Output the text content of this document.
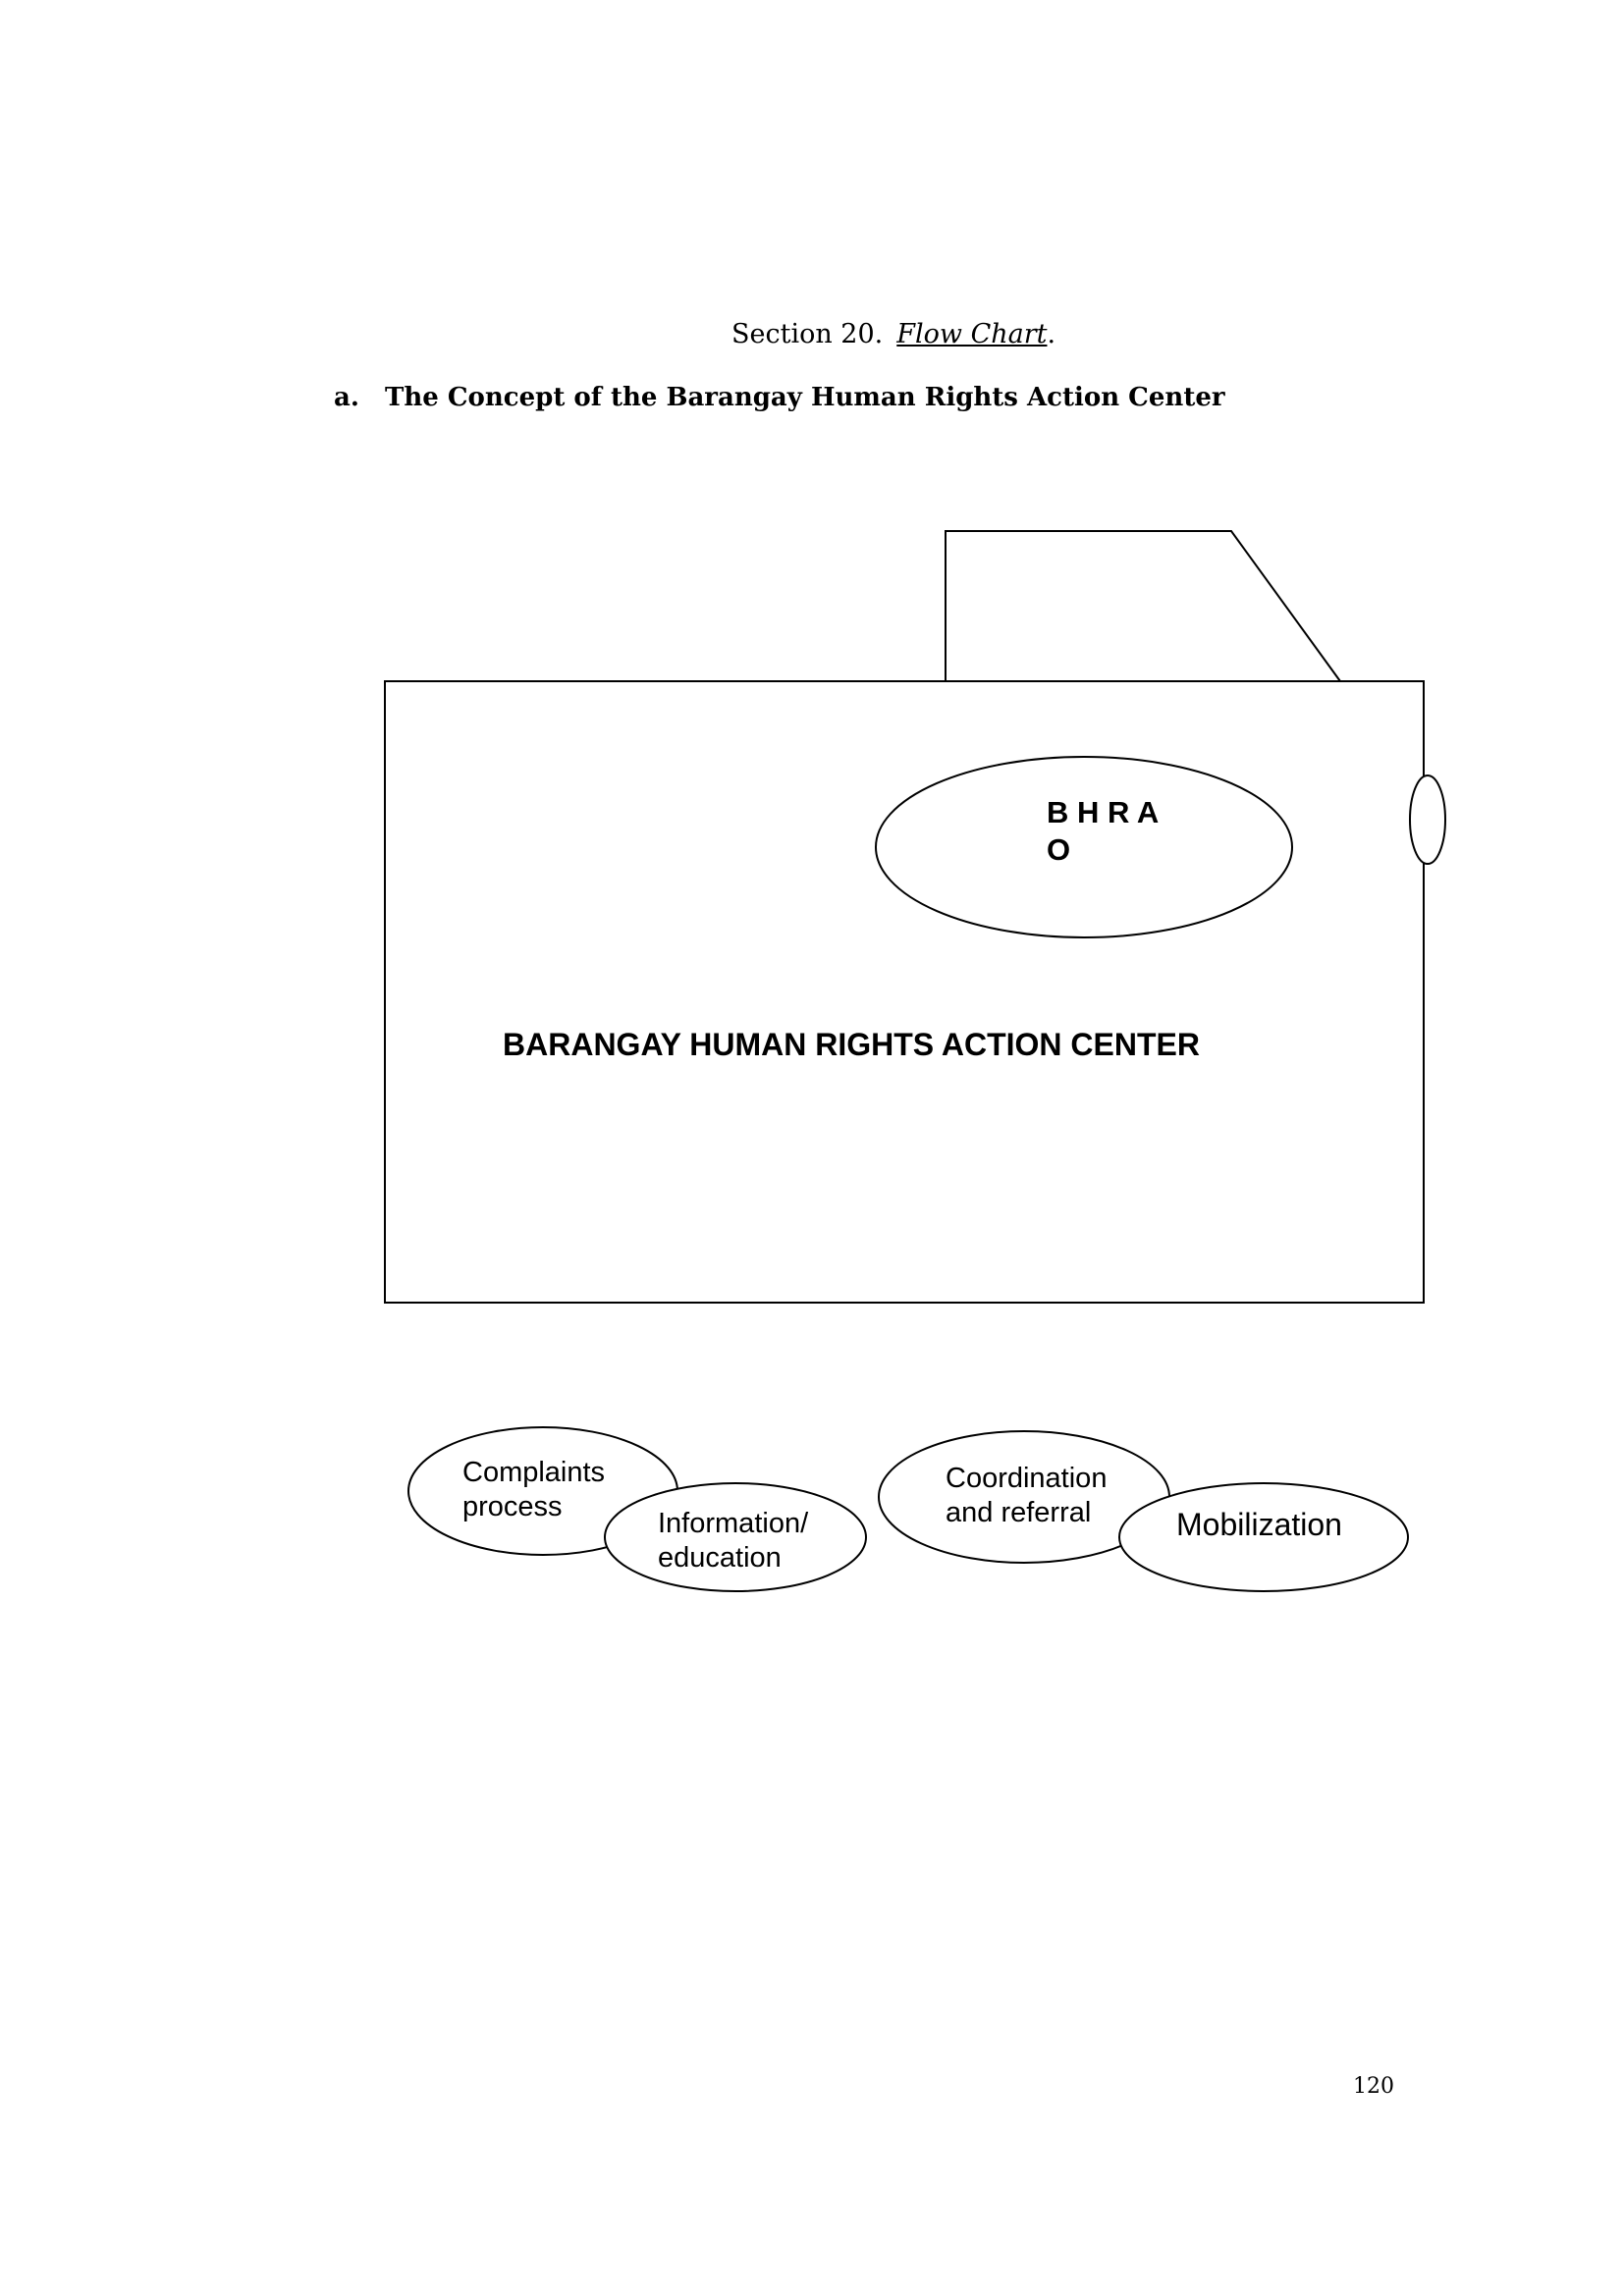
Section 20. Flow Chart.
a. The Concept of the Barangay Human Rights Action Center
B H R A
O
BARANGAY HUMAN RIGHTS ACTION CENTER
Complaints
process
Information/
education
Coordination
and referral	Mobilization
120
